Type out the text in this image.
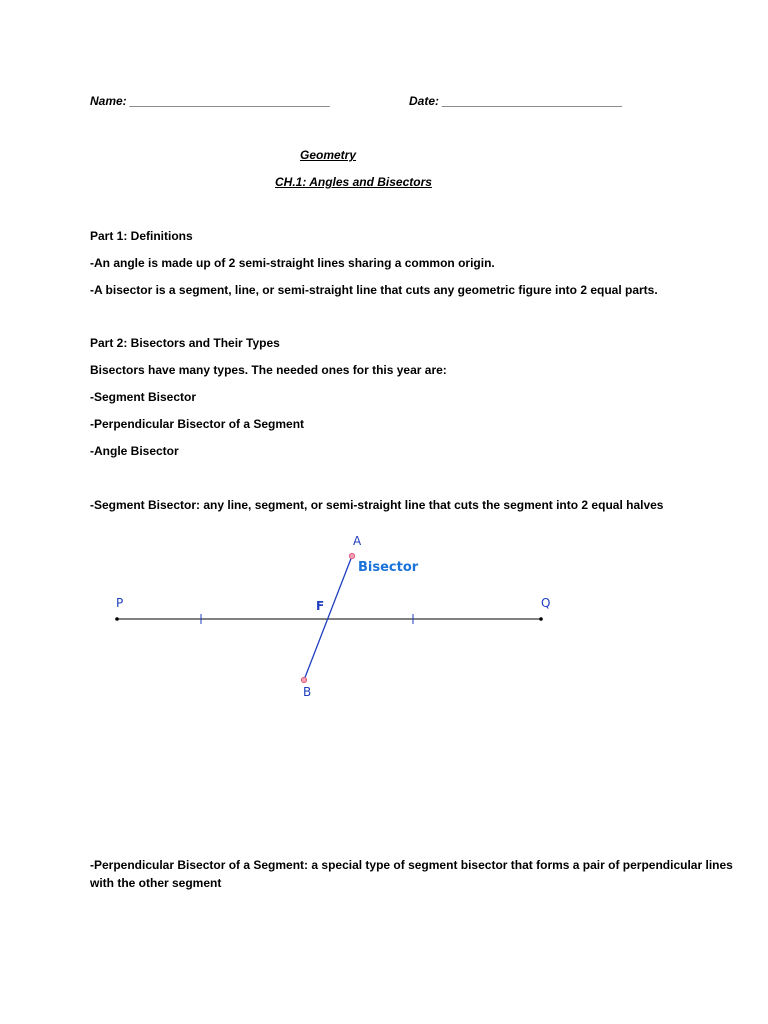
Name: ______________________________	Date: ___________________________
Geometry
CH.1: Angles and Bisectors
Part 1: Definitions
-An angle is made up of 2 semi-straight lines sharing a common origin.
-A bisector is a segment, line, or semi-straight line that cuts any geometric figure into 2 equal parts.
Part 2: Bisectors and Their Types
Bisectors have many types. The needed ones for this year are:
-Segment Bisector
-Perpendicular Bisector of a Segment
-Angle Bisector
-Segment Bisector: any line, segment, or semi-straight line that cuts the segment into 2 equal halves
A
B
P	Q
F
Bisector
-Perpendicular Bisector of a Segment: a special type of segment bisector that forms a pair of perpendicular lines
with the other segment
